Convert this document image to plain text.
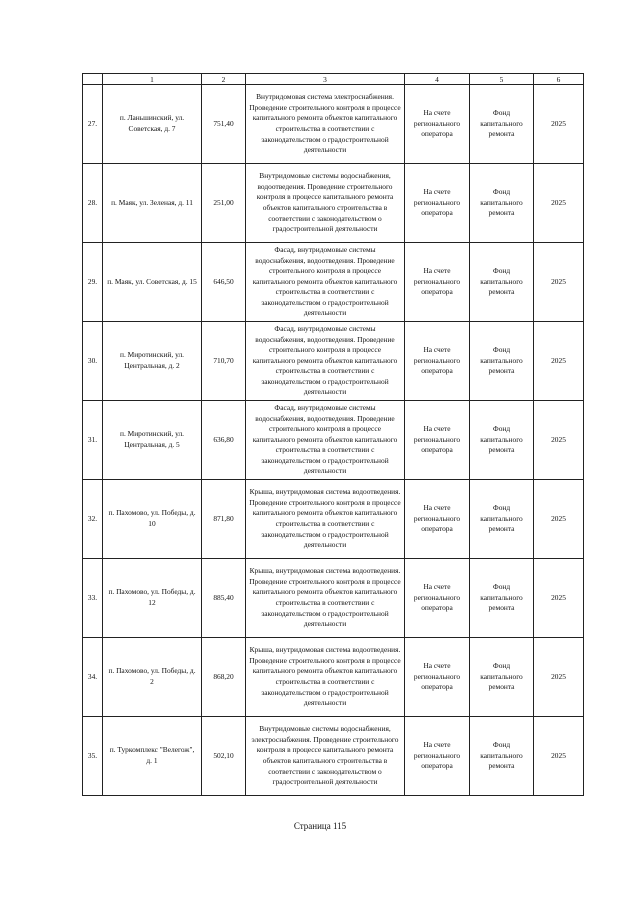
	1	2	3	4	5	6
27.	п. Ланьшинский, ул. Советская, д. 7	751,40	Внутридомовая система электроснабжения. Проведение строительного контроля в процессе капитального ремонта объектов капитального строительства в соответствии с законодательством о градостроительной деятельности	На счете регионального оператора	Фонд капитального ремонта	2025
28.	п. Маяк, ул. Зеленая, д. 11	251,00	Внутридомовые системы водоснабжения, водоотведения. Проведение строительного контроля в процессе капитального ремонта объектов капитального строительства в соответствии с законодательством о градостроительной деятельности	На счете регионального оператора	Фонд капитального ремонта	2025
29.	п. Маяк, ул. Советская, д. 15	646,50	Фасад, внутридомовые системы водоснабжения, водоотведения. Проведение строительного контроля в процессе капитального ремонта объектов капитального строительства в соответствии с законодательством о градостроительной деятельности	На счете регионального оператора	Фонд капитального ремонта	2025
30.	п. Миротинский, ул. Центральная, д. 2	710,70	Фасад, внутридомовые системы водоснабжения, водоотведения. Проведение строительного контроля в процессе капитального ремонта объектов капитального строительства в соответствии с законодательством о градостроительной деятельности	На счете регионального оператора	Фонд капитального ремонта	2025
31.	п. Миротинский, ул. Центральная, д. 5	636,80	Фасад, внутридомовые системы водоснабжения, водоотведения. Проведение строительного контроля в процессе капитального ремонта объектов капитального строительства в соответствии с законодательством о градостроительной деятельности	На счете регионального оператора	Фонд капитального ремонта	2025
32.	п. Пахомово, ул. Победы, д. 10	871,80	Крыша, внутридомовая система водоотведения. Проведение строительного контроля в процессе капитального ремонта объектов капитального строительства в соответствии с законодательством о градостроительной деятельности	На счете регионального оператора	Фонд капитального ремонта	2025
33.	п. Пахомово, ул. Победы, д. 12	885,40	Крыша, внутридомовая система водоотведения. Проведение строительного контроля в процессе капитального ремонта объектов капитального строительства в соответствии с законодательством о градостроительной деятельности	На счете регионального оператора	Фонд капитального ремонта	2025
34.	п. Пахомово, ул. Победы, д. 2	868,20	Крыша, внутридомовая система водоотведения. Проведение строительного контроля в процессе капитального ремонта объектов капитального строительства в соответствии с законодательством о градостроительной деятельности	На счете регионального оператора	Фонд капитального ремонта	2025
35.	п. Туркомплекс "Велегож", д. 1	502,10	Внутридомовые системы водоснабжения, электроснабжения. Проведение строительного контроля в процессе капитального ремонта объектов капитального строительства в соответствии с законодательством о градостроительной деятельности	На счете регионального оператора	Фонд капитального ремонта	2025
Страница 115
